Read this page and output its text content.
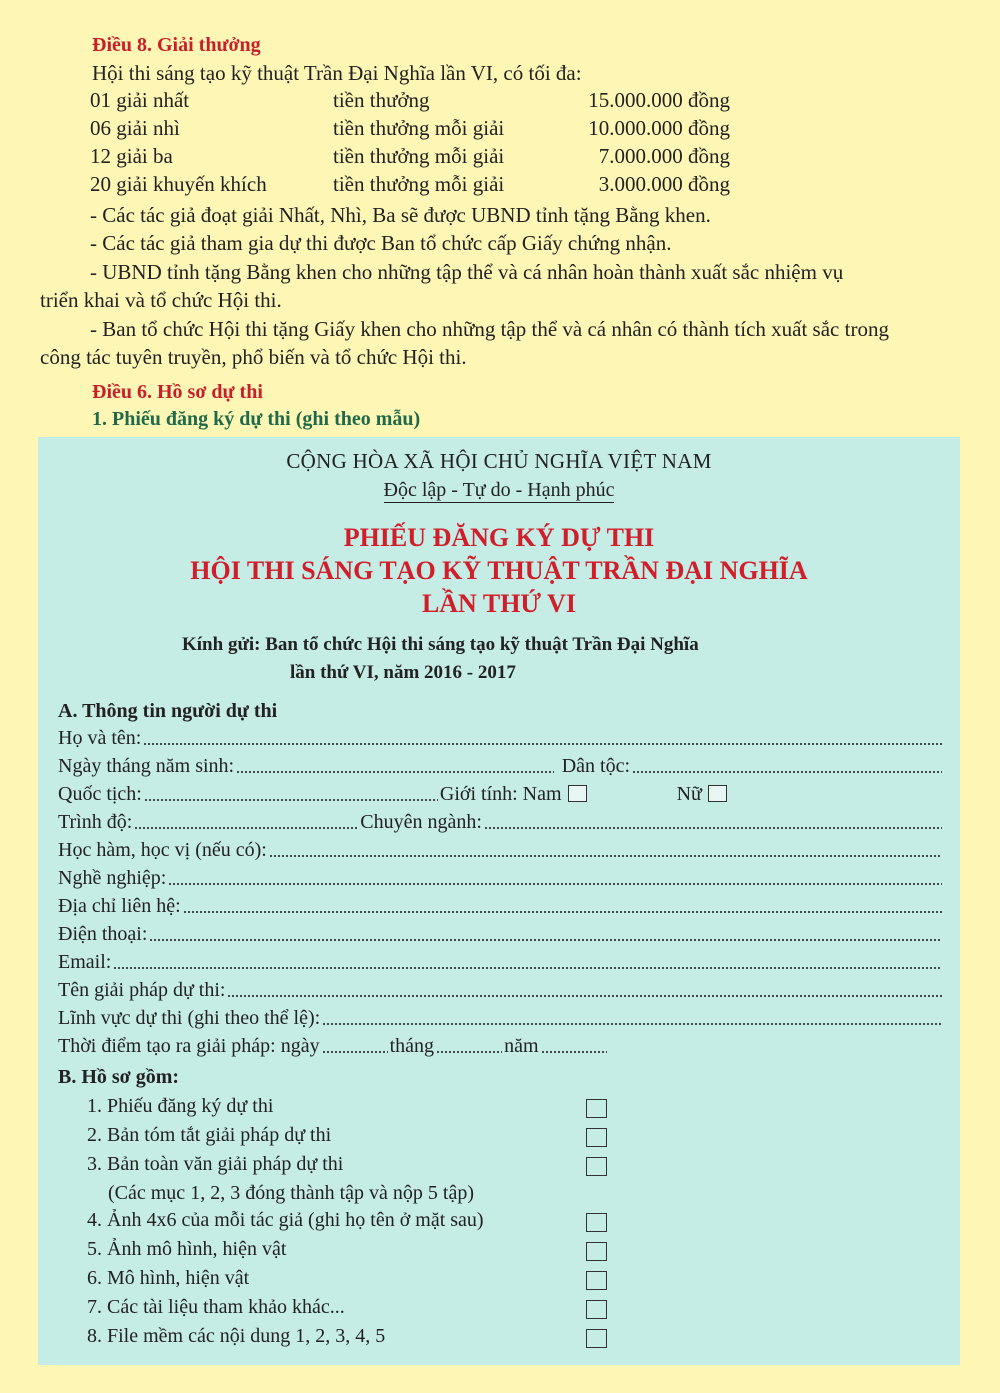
Điều 8. Giải thưởng
Hội thi sáng tạo kỹ thuật Trần Đại Nghĩa lần VI, có tối đa:
01 giải nhất	tiền thưởng	15.000.000 đồng
06 giải nhì	tiền thưởng mỗi giải	10.000.000 đồng
12 giải ba	tiền thưởng mỗi giải	7.000.000 đồng
20 giải khuyến khích	tiền thưởng mỗi giải	3.000.000 đồng
- Các tác giả đoạt giải Nhất, Nhì, Ba sẽ được UBND tỉnh tặng Bằng khen.
- Các tác giả tham gia dự thi được Ban tổ chức cấp Giấy chứng nhận.
- UBND tỉnh tặng Bằng khen cho những tập thể và cá nhân hoàn thành xuất sắc nhiệm vụ
triển khai và tổ chức Hội thi.
- Ban tổ chức Hội thi tặng Giấy khen cho những tập thể và cá nhân có thành tích xuất sắc trong
công tác tuyên truyền, phổ biến và tổ chức Hội thi.
Điều 6. Hồ sơ dự thi
1. Phiếu đăng ký dự thi (ghi theo mẫu)
CỘNG HÒA XÃ HỘI CHỦ NGHĨA VIỆT NAM
Độc lập - Tự do - Hạnh phúc
PHIẾU ĐĂNG KÝ DỰ THI
HỘI THI SÁNG TẠO KỸ THUẬT TRẦN ĐẠI NGHĨA
LẦN THỨ VI
Kính gửi: Ban tổ chức Hội thi sáng tạo kỹ thuật Trần Đại Nghĩa
lần thứ VI, năm 2016 - 2017
A. Thông tin người dự thi
Họ và tên:
Ngày tháng năm sinh:	Dân tộc:
Quốc tịch:	Giới tính: Nam	Nữ
Trình độ:	Chuyên ngành:
Học hàm, học vị (nếu có):
Nghề nghiệp:
Địa chỉ liên hệ:
Điện thoại:
Email:
Tên giải pháp dự thi:
Lĩnh vực dự thi (ghi theo thể lệ):
Thời điểm tạo ra giải pháp: ngày	tháng	năm
B. Hồ sơ gồm:
1. Phiếu đăng ký dự thi
2. Bản tóm tắt giải pháp dự thi
3. Bản toàn văn giải pháp dự thi
(Các mục 1, 2, 3 đóng thành tập và nộp 5 tập)
4. Ảnh 4x6 của mỗi tác giả (ghi họ tên ở mặt sau)
5. Ảnh mô hình, hiện vật
6. Mô hình, hiện vật
7. Các tài liệu tham khảo khác...
8. File mềm các nội dung 1, 2, 3, 4, 5
